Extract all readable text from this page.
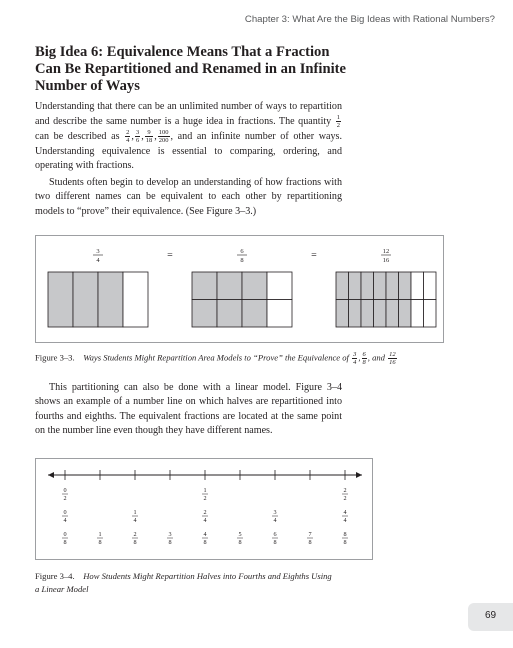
Chapter 3: What Are the Big Ideas with Rational Numbers?
Big Idea 6: Equivalence Means That a Fraction
Can Be Repartitioned and Renamed in an Infinite
Number of Ways
Understanding that there can be an unlimited number of ways to repartition and describe the same number is a huge idea in fractions. The quantity $\frac{1}{2}$
can be described as $\frac{2}{4}$ , $\frac{3}{6}$ , $\frac{9}{18}$ , $\frac{100}{200}$ , and an infinite number of other ways. Understanding equivalence is essential to comparing, ordering, and operating with fractions.
Students often begin to develop an understanding of how fractions with two different names can be equivalent to each other by repartitioning models to “prove” their equivalence. (See Figure 3–3.)
3
4
6
8
12
16
=	=
Figure 3–3. Ways Students Might Repartition Area Models to “Prove” the Equivalence of $\frac{3}{4}$ , $\frac{6}{8}$ , and $\frac{12}{16}$
This partitioning can also be done with a linear model. Figure 3–4 shows an example of a number line on which halves are repartitioned into fourths and eighths. The equivalent fractions are located at the same point on the number line even though they have different names.
0
2
1
2
2
2
0
4
1
4
2
4
3
4
4
4
0
8
1
8
2
8
3
8
4
8
5
8
6
8
7
8
8
8
Figure 3–4. How Students Might Repartition Halves into Fourths and Eighths Using
a Linear Model
69
